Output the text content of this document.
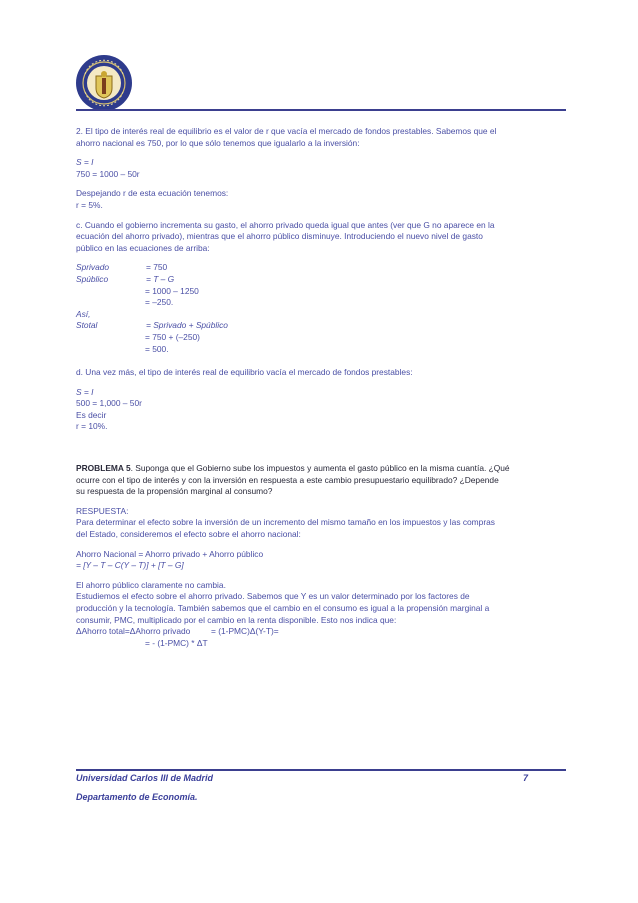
2. El tipo de interés real de equilibrio es el valor de r que vacía el mercado de fondos prestables. Sabemos que el

ahorro nacional es 750, por lo que sólo tenemos que igualarlo a la inversión:

S = I

750 = 1000 – 50r

Despejando r de esta ecuación tenemos:

r = 5%.

c. Cuando el gobierno incrementa su gasto, el ahorro privado queda igual que antes (ver que G no aparece en la

ecuación del ahorro privado), mientras que el ahorro público disminuye. Introduciendo el nuevo nivel de gasto

público en las ecuaciones de arriba:

Sprivado	= 750
Spúblico	= T – G

= 1000 – 1250

= –250.

Así,

Stotal	= Sprivado + Spúblico

= 750 + (–250)

= 500.

d. Una vez más, el tipo de interés real de equilibrio vacía el mercado de fondos prestables:

S = I

500 = 1,000 – 50r

Es decir

r = 10%.

PROBLEMA 5. Suponga que el Gobierno sube los impuestos y aumenta el gasto público en la misma cuantía. ¿Qué

ocurre con el tipo de interés y con la inversión en respuesta a este cambio presupuestario equilibrado? ¿Depende

su respuesta de la propensión marginal al consumo?

RESPUESTA:

Para determinar el efecto sobre la inversión de un incremento del mismo tamaño en los impuestos y las compras

del Estado, consideremos el efecto sobre el ahorro nacional:

Ahorro Nacional = Ahorro privado + Ahorro público

= [Y – T – C(Y – T)] + [T – G]

El ahorro público claramente no cambia.

Estudiemos el efecto sobre el ahorro privado. Sabemos que Y es un valor determinado por los factores de

producción y la tecnología. También sabemos que el cambio en el consumo es igual a la propensión marginal a

consumir, PMC, multiplicado por el cambio en la renta disponible. Esto nos indica que:

ΔAhorro total=ΔAhorro privado	= (1-PMC)Δ(Y-T)=

= - (1-PMC) * ΔT

Universidad Carlos III de Madrid	7
Departamento de Economía.
